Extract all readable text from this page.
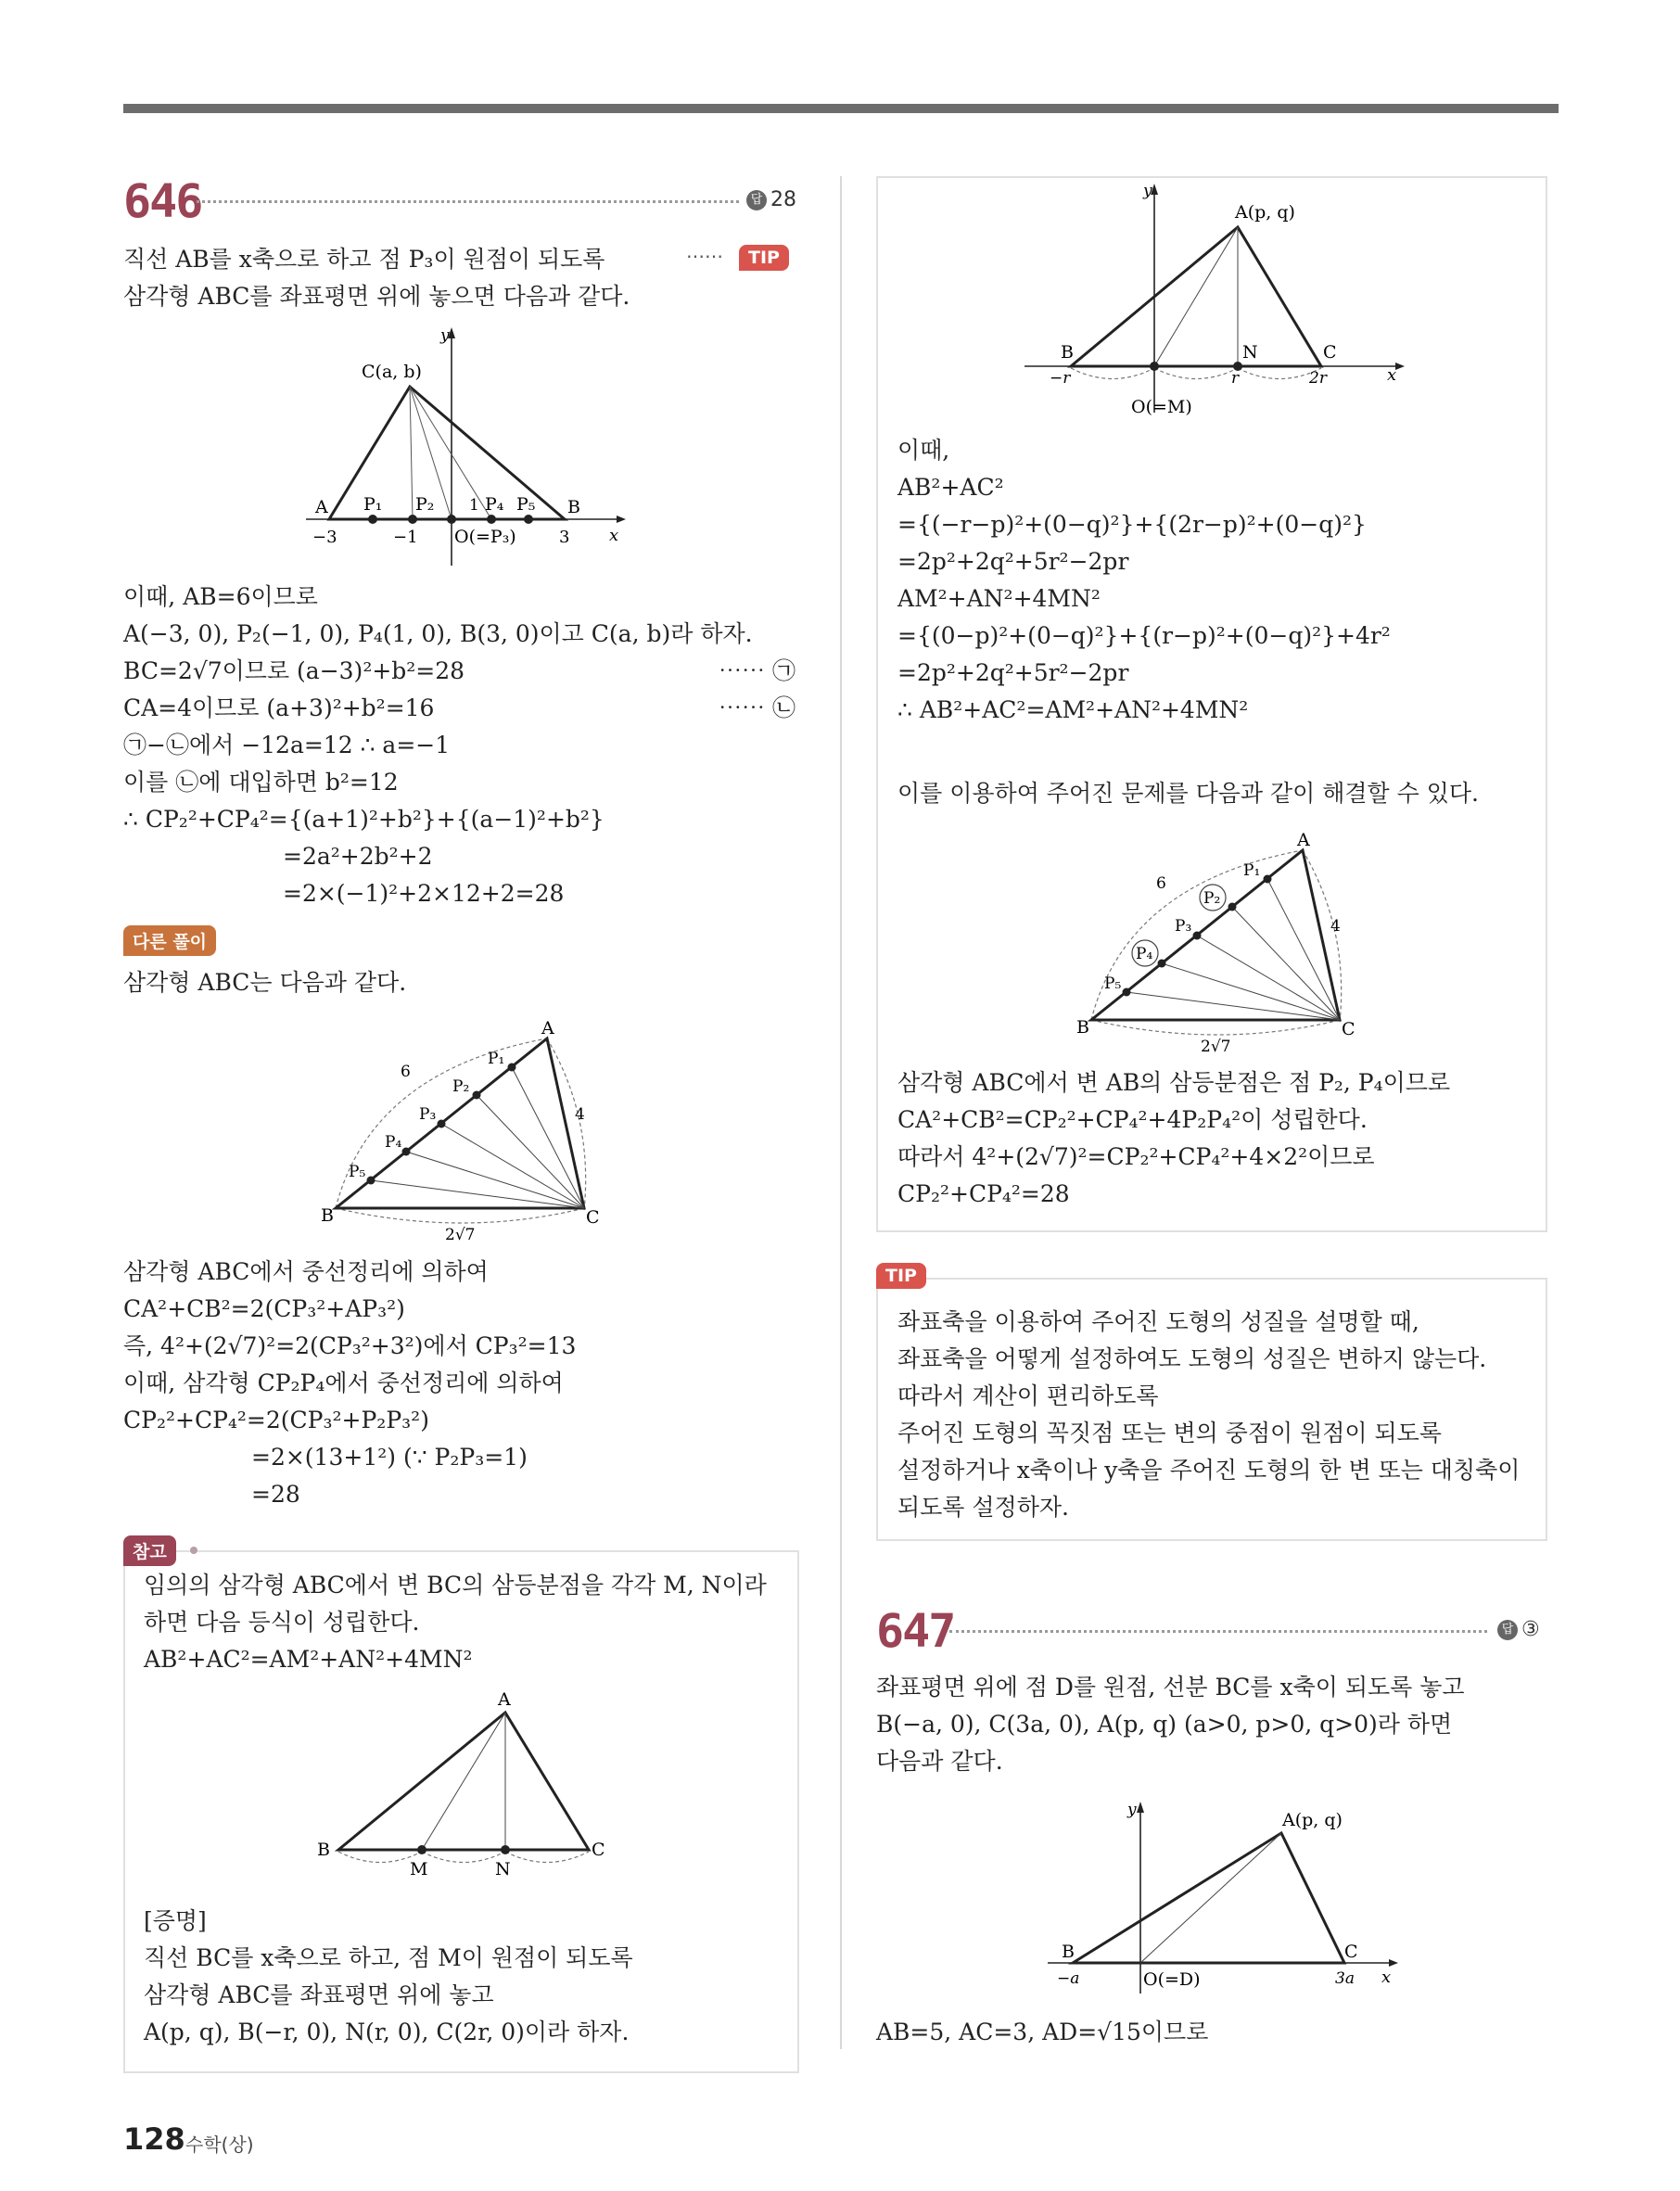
646	답 28
직선 AB를 x축으로 하고 점 P₃이 원점이 되도록
삼각형 ABC를 좌표평면 위에 놓으면 다음과 같다.
⋯⋯	TIP
y
x
C(a, b)
A	B
P₁ P₂ 1 P₄ P₅
−3	−1 O(=P₃)	3
이때, AB=6이므로
A(−3, 0), P₂(−1, 0), P₄(1, 0), B(3, 0)이고 C(a, b)라 하자.
BC=2√7이므로 (a−3)²+b²=28
CA=4이므로 (a+3)²+b²=16
㉠−㉡에서 −12a=12 ∴ a=−1
이를 ㉡에 대입하면 b²=12
∴ CP₂²+CP₄²={(a+1)²+b²}+{(a−1)²+b²}
=2a²+2b²+2
=2×(−1)²+2×12+2=28
⋯⋯ ㉠
⋯⋯ ㉡
다른 풀이
삼각형 ABC는 다음과 같다.
A
B	C
P₁
P₂
P₃
P₄
P₅
6
4
2√7
삼각형 ABC에서 중선정리에 의하여
CA²+CB²=2(CP₃²+AP₃²)
즉, 4²+(2√7)²=2(CP₃²+3²)에서 CP₃²=13
이때, 삼각형 CP₂P₄에서 중선정리에 의하여
CP₂²+CP₄²=2(CP₃²+P₂P₃²)
=2×(13+1²) (∵ P₂P₃=1)
=28
참고
임의의 삼각형 ABC에서 변 BC의 삼등분점을 각각 M, N이라
하면 다음 등식이 성립한다.
AB²+AC²=AM²+AN²+4MN²
A
B	C
M	N
[증명]
직선 BC를 x축으로 하고, 점 M이 원점이 되도록
삼각형 ABC를 좌표평면 위에 놓고
A(p, q), B(−r, 0), N(r, 0), C(2r, 0)이라 하자.
y
x
A(p, q)
B	N	C
−r	r	2r
O(=M)
이때,
AB²+AC²
={(−r−p)²+(0−q)²}+{(2r−p)²+(0−q)²}
=2p²+2q²+5r²−2pr
AM²+AN²+4MN²
={(0−p)²+(0−q)²}+{(r−p)²+(0−q)²}+4r²
=2p²+2q²+5r²−2pr
∴ AB²+AC²=AM²+AN²+4MN²
이를 이용하여 주어진 문제를 다음과 같이 해결할 수 있다.
A
B	C
P₁
P₂
P₃
P₄
P₅
6
4
2√7
삼각형 ABC에서 변 AB의 삼등분점은 점 P₂, P₄이므로
CA²+CB²=CP₂²+CP₄²+4P₂P₄²이 성립한다.
따라서 4²+(2√7)²=CP₂²+CP₄²+4×2²이므로
CP₂²+CP₄²=28
TIP
좌표축을 이용하여 주어진 도형의 성질을 설명할 때,
좌표축을 어떻게 설정하여도 도형의 성질은 변하지 않는다.
따라서 계산이 편리하도록
주어진 도형의 꼭짓점 또는 변의 중점이 원점이 되도록
설정하거나 x축이나 y축을 주어진 도형의 한 변 또는 대칭축이
되도록 설정하자.
647	답 ③
좌표평면 위에 점 D를 원점, 선분 BC를 x축이 되도록 놓고
B(−a, 0), C(3a, 0), A(p, q) (a>0, p>0, q>0)라 하면
다음과 같다.
y
x
A(p, q)
B	C
−a	O(=D)	3a
AB=5, AC=3, AD=√15이므로
128 수학(상)
